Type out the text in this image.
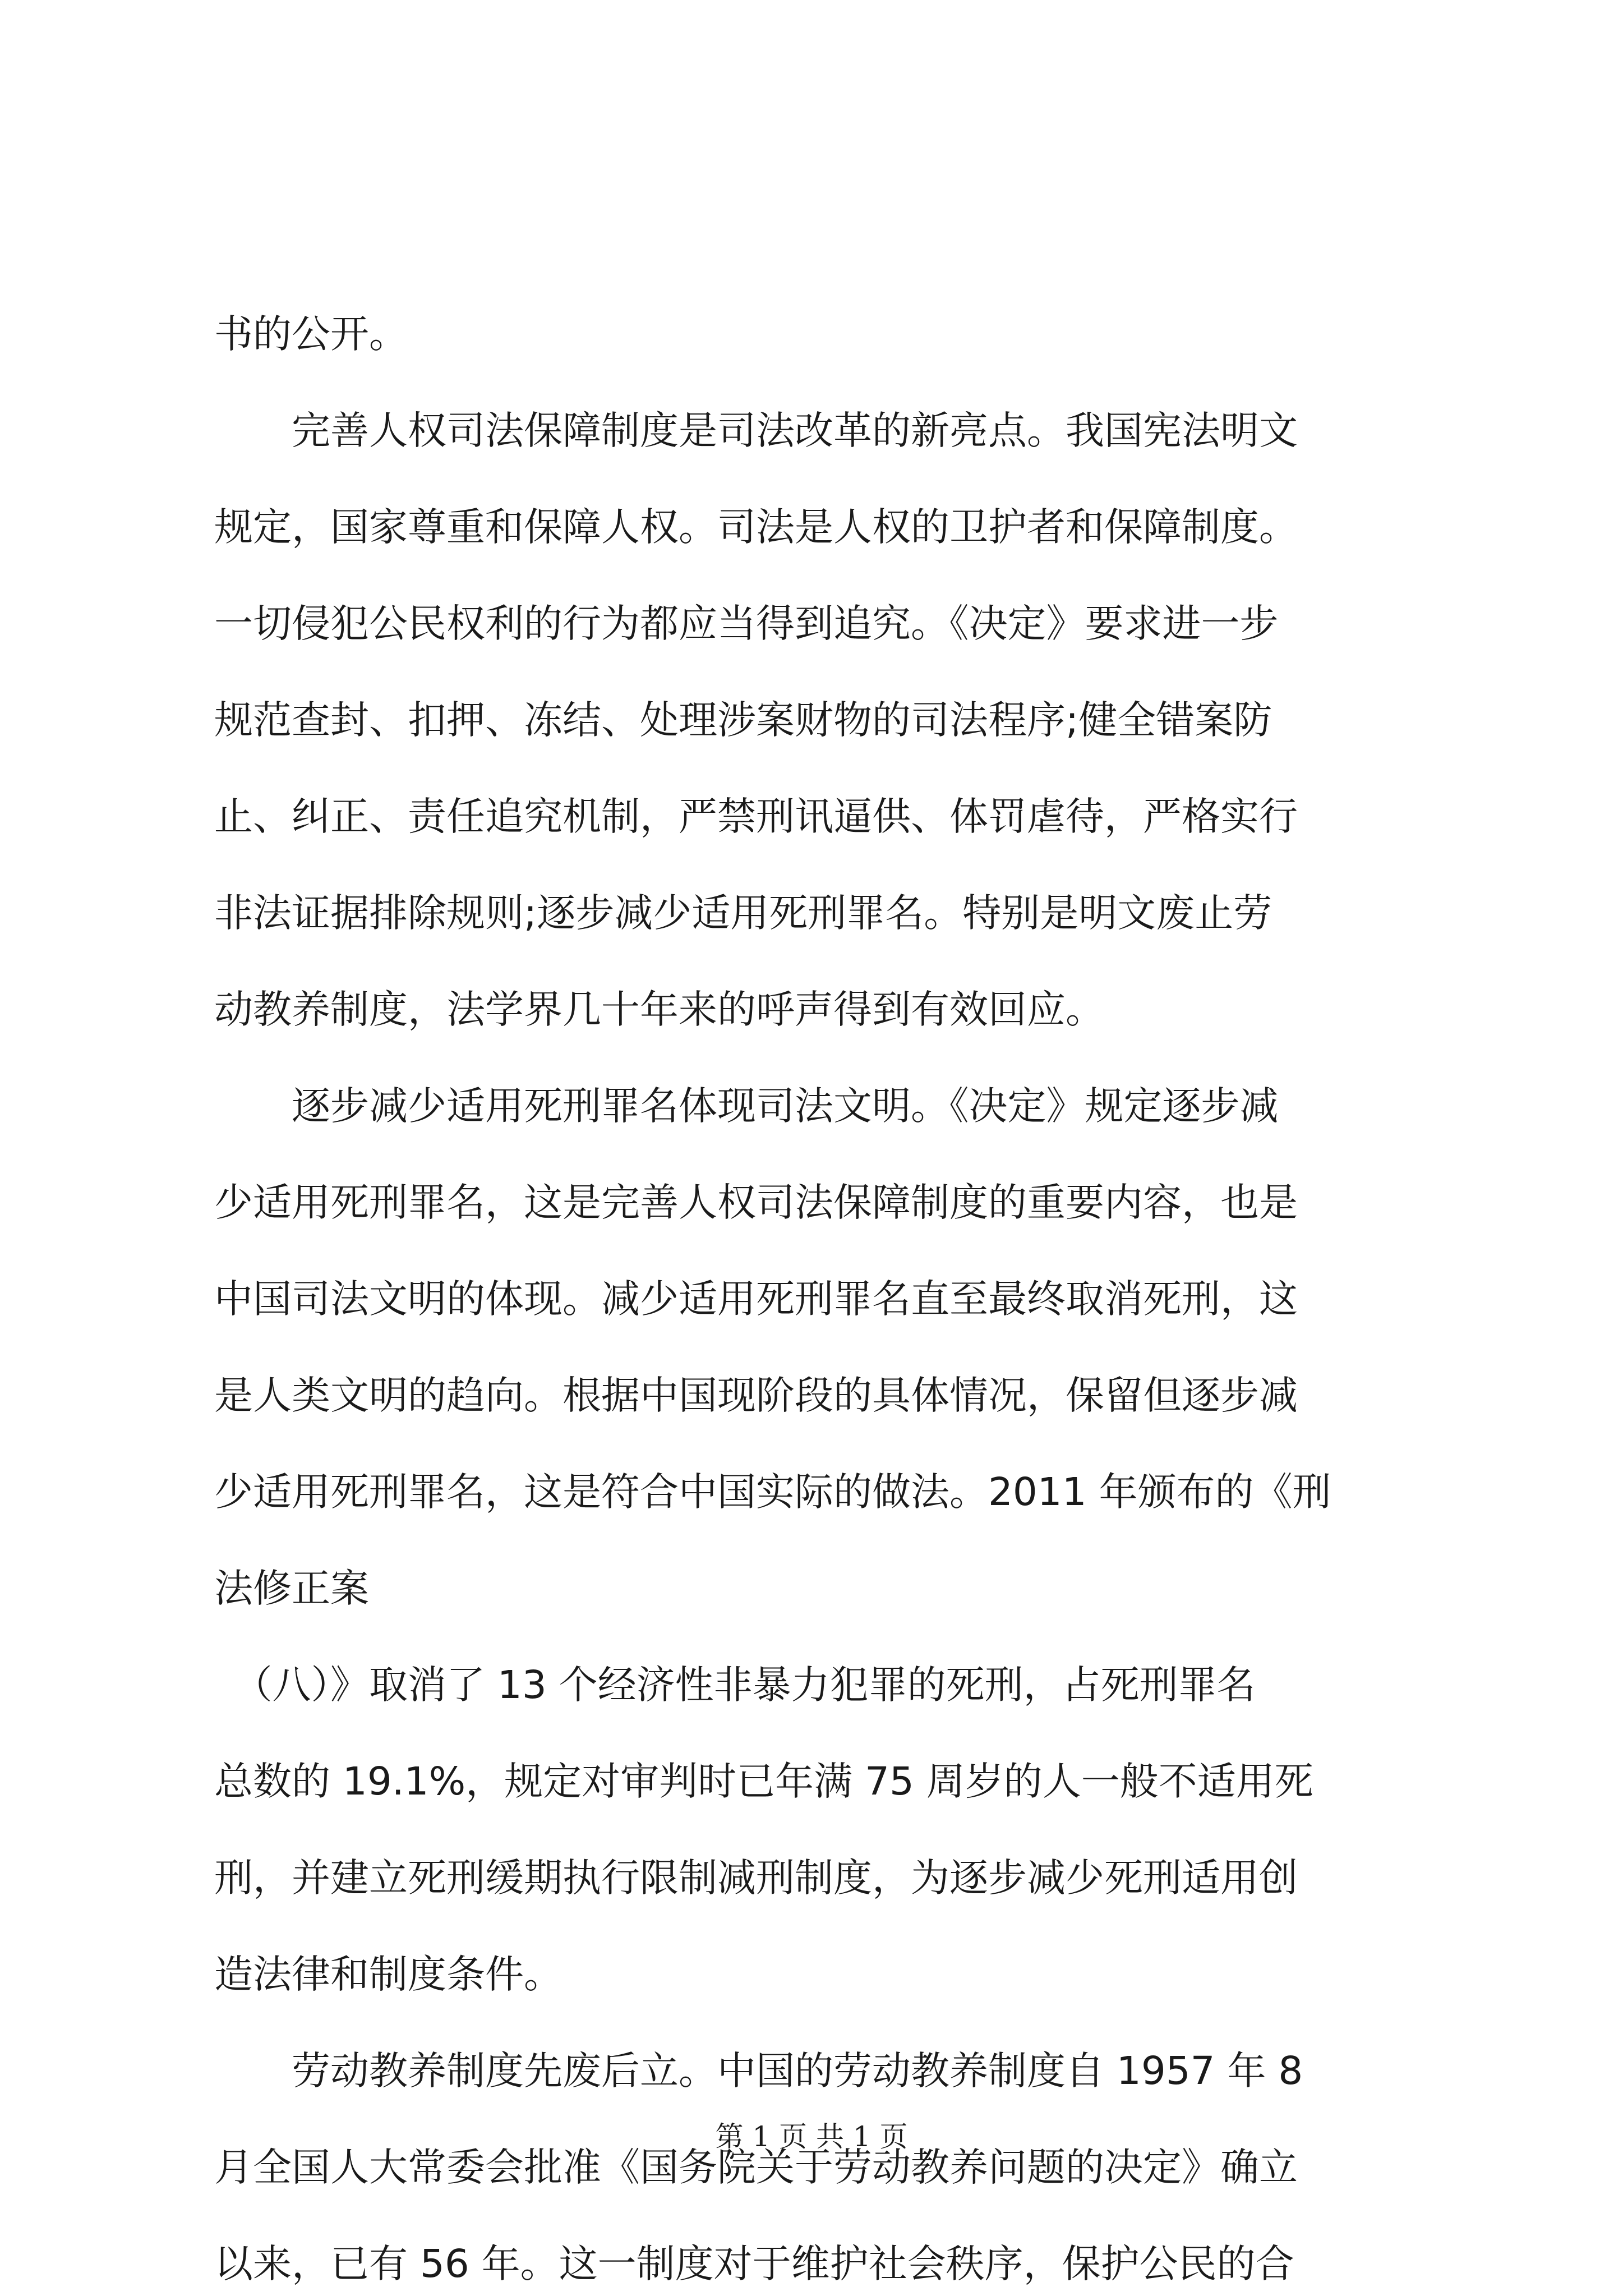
书的公开。

　　完善人权司法保障制度是司法改革的新亮点。我国宪法明文

规定，国家尊重和保障人权。司法是人权的卫护者和保障制度。

一切侵犯公民权利的行为都应当得到追究。《决定》要求进一步

规范查封、扣押、冻结、处理涉案财物的司法程序;健全错案防

止、纠正、责任追究机制，严禁刑讯逼供、体罚虐待，严格实行

非法证据排除规则;逐步减少适用死刑罪名。特别是明文废止劳

动教养制度，法学界几十年来的呼声得到有效回应。

　　逐步减少适用死刑罪名体现司法文明。《决定》规定逐步减

少适用死刑罪名，这是完善人权司法保障制度的重要内容，也是

中国司法文明的体现。减少适用死刑罪名直至最终取消死刑，这

是人类文明的趋向。根据中国现阶段的具体情况，保留但逐步减

少适用死刑罪名，这是符合中国实际的做法。2011 年颁布的《刑

法修正案

　（八）》取消了 13 个经济性非暴力犯罪的死刑，占死刑罪名

总数的 19.1%，规定对审判时已年满 75 周岁的人一般不适用死

刑，并建立死刑缓期执行限制减刑制度，为逐步减少死刑适用创

造法律和制度条件。

　　劳动教养制度先废后立。中国的劳动教养制度自 1957 年 8

月全国人大常委会批准《国务院关于劳动教养问题的决定》确立

以来，已有 56 年。这一制度对于维护社会秩序，保护公民的合

第 1 页 共 1 页
